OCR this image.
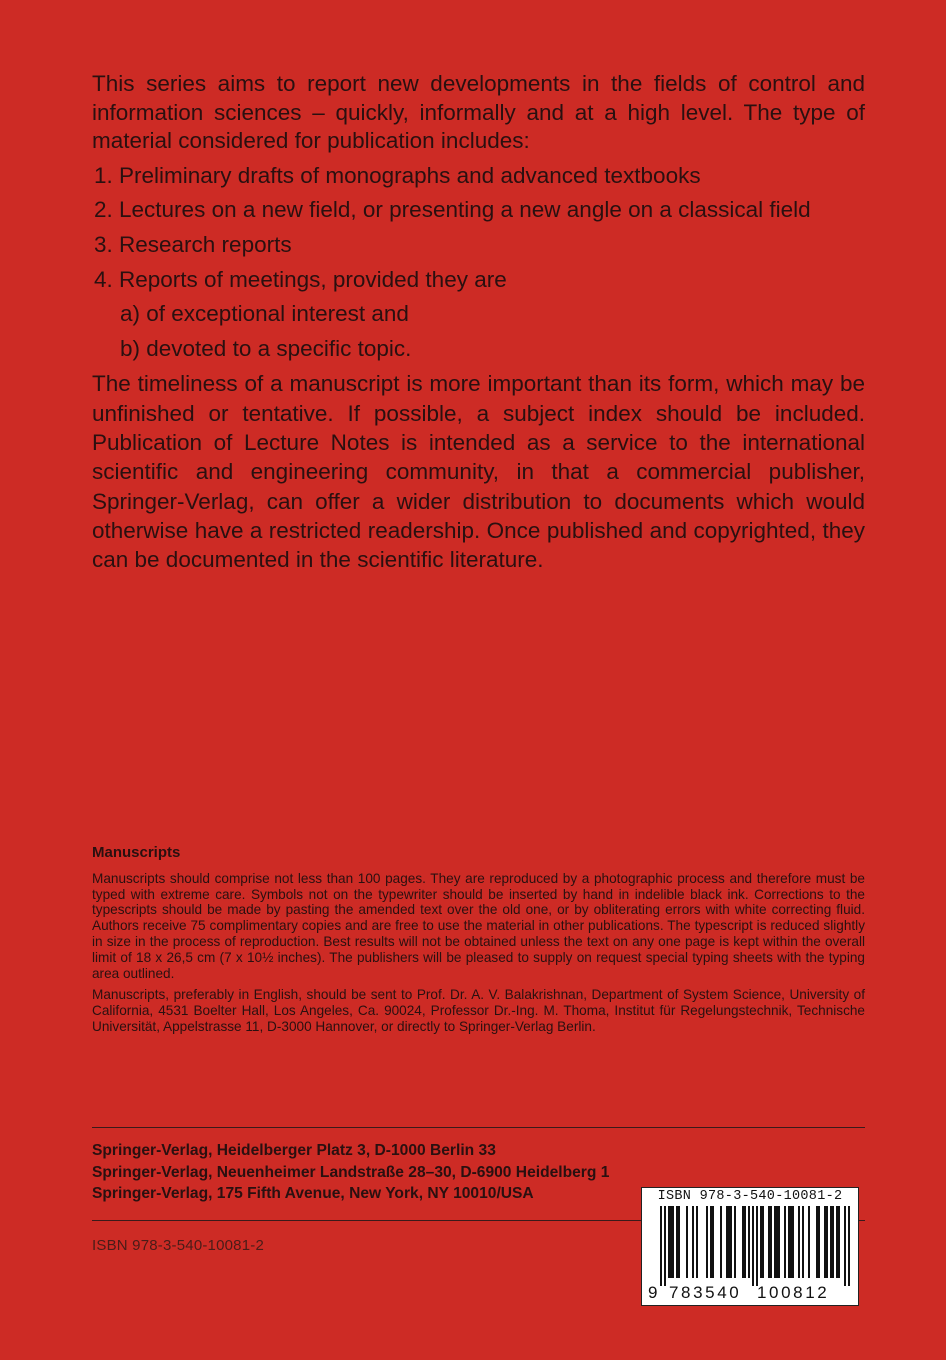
This series aims to report new developments in the fields of control and information sciences – quickly, informally and at a high level. The type of material considered for publication includes:

1. Preliminary drafts of monographs and advanced textbooks
2. Lectures on a new field, or presenting a new angle on a classical field
3. Research reports
4. Reports of meetings, provided they are
a) of exceptional interest and
b) devoted to a specific topic.

The timeliness of a manuscript is more important than its form, which may be unfinished or tentative. If possible, a subject index should be included. Publication of Lecture Notes is intended as a service to the international scientific and engineering community, in that a commercial publisher, Springer-Verlag, can offer a wider distribution to documents which would otherwise have a restricted readership. Once published and copyrighted, they can be documented in the scientific literature.

Manuscripts

Manuscripts should comprise not less than 100 pages. They are reproduced by a photographic process and therefore must be typed with extreme care. Symbols not on the typewriter should be inserted by hand in indelible black ink. Corrections to the typescripts should be made by pasting the amended text over the old one, or by obliterating errors with white correcting fluid. Authors receive 75 complimentary copies and are free to use the material in other publications. The typescript is reduced slightly in size in the process of reproduction. Best results will not be obtained unless the text on any one page is kept within the overall limit of 18 x 26,5 cm (7 x 10½ inches). The publishers will be pleased to supply on request special typing sheets with the typing area outlined.

Manuscripts, preferably in English, should be sent to Prof. Dr. A. V. Balakrishnan, Department of System Science, University of California, 4531 Boelter Hall, Los Angeles, Ca. 90024, Professor Dr.-Ing. M. Thoma, Institut für Regelungstechnik, Technische Universität, Appelstrasse 11, D-3000 Hannover, or directly to Springer-Verlag Berlin.

Springer-Verlag, Heidelberger Platz 3, D-1000 Berlin 33
Springer-Verlag, Neuenheimer Landstraße 28–30, D-6900 Heidelberg 1
Springer-Verlag, 175 Fifth Avenue, New York, NY 10010/USA
ISBN 978-3-540-10081-2
ISBN 978-3-540-10081-2
9 783540 100812
